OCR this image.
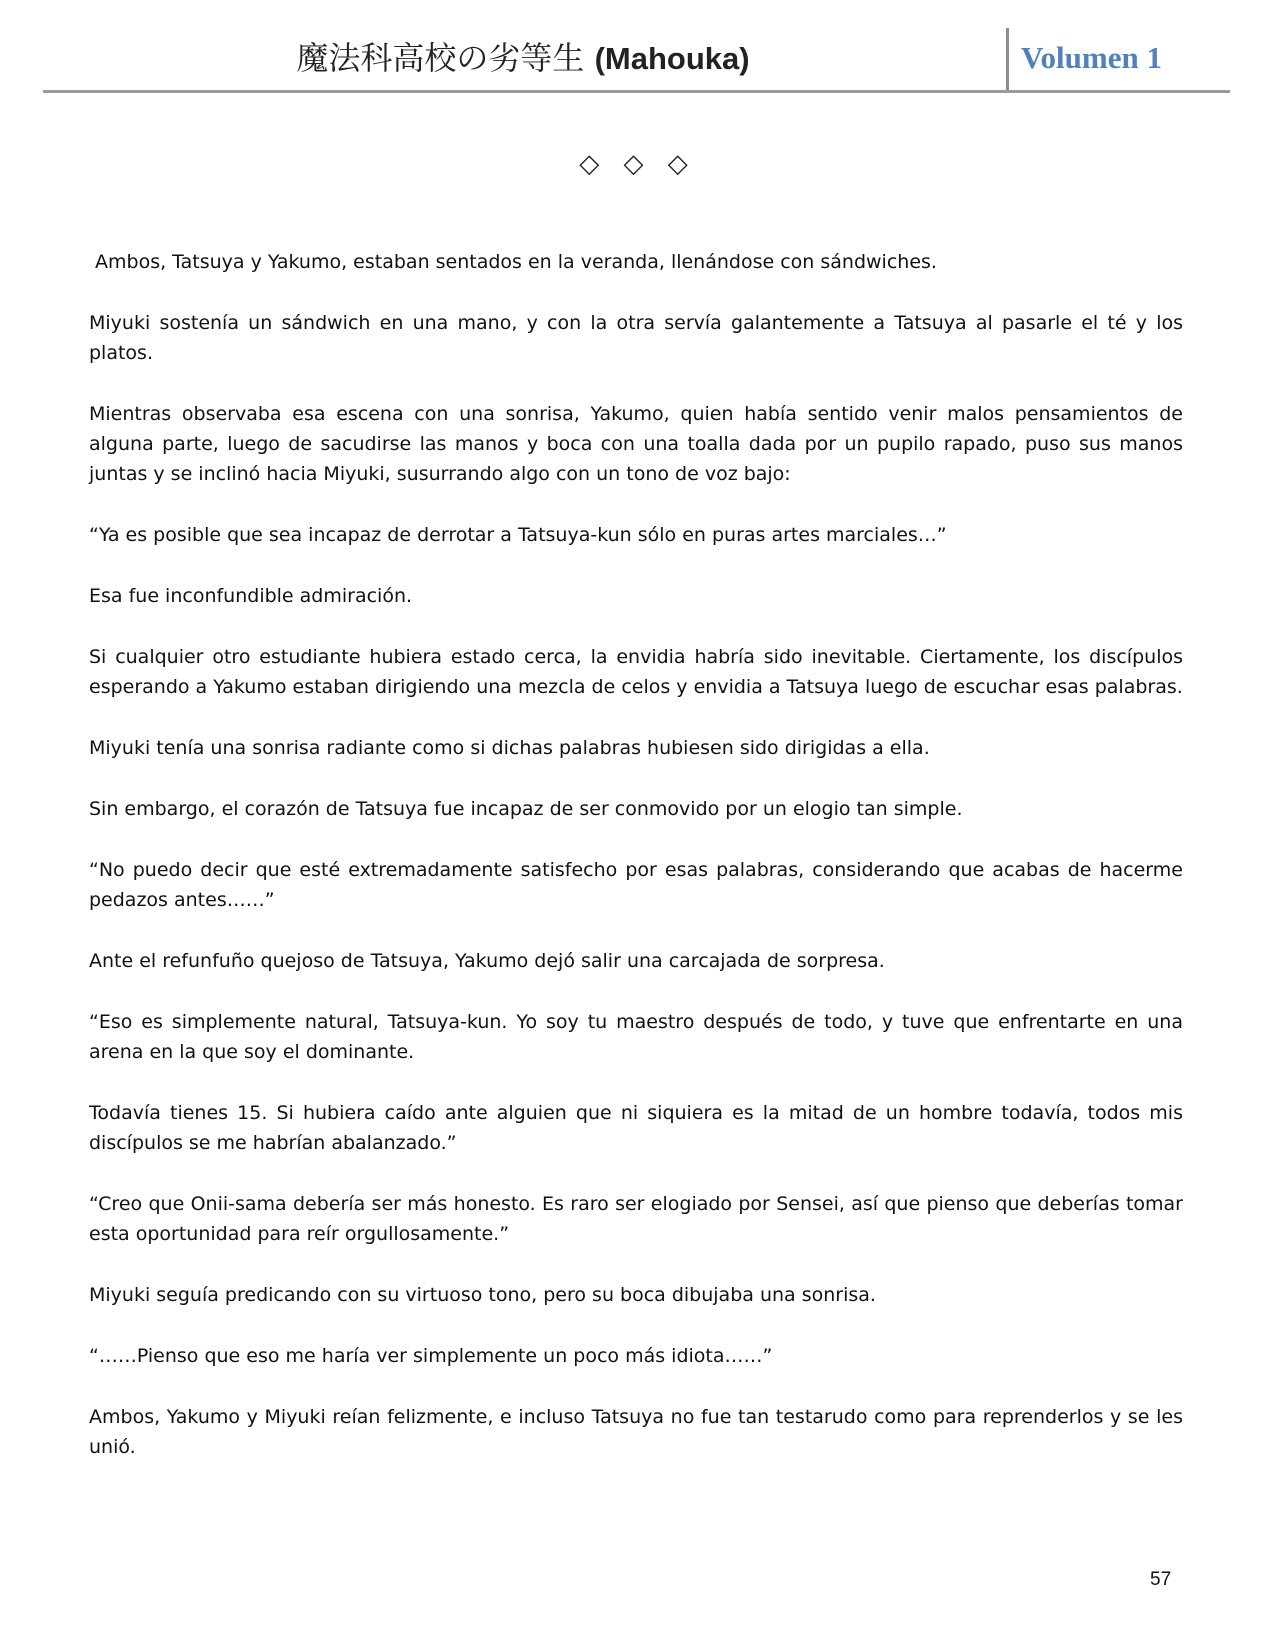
魔法科高校の劣等生 (Mahouka)	Volumen 1
◇ ◇ ◇

Ambos, Tatsuya y Yakumo, estaban sentados en la veranda, llenándose con sándwiches.

Miyuki sostenía un sándwich en una mano, y con la otra servía galantemente a Tatsuya al pasarle el té y los platos.

Mientras observaba esa escena con una sonrisa, Yakumo, quien había sentido venir malos pensamientos de alguna parte, luego de sacudirse las manos y boca con una toalla dada por un pupilo rapado, puso sus manos juntas y se inclinó hacia Miyuki, susurrando algo con un tono de voz bajo:

“Ya es posible que sea incapaz de derrotar a Tatsuya-kun sólo en puras artes marciales…”

Esa fue inconfundible admiración.

Si cualquier otro estudiante hubiera estado cerca, la envidia habría sido inevitable. Ciertamente, los discípulos esperando a Yakumo estaban dirigiendo una mezcla de celos y envidia a Tatsuya luego de escuchar esas palabras.

Miyuki tenía una sonrisa radiante como si dichas palabras hubiesen sido dirigidas a ella.

Sin embargo, el corazón de Tatsuya fue incapaz de ser conmovido por un elogio tan simple.

“No puedo decir que esté extremadamente satisfecho por esas palabras, considerando que acabas de hacerme pedazos antes……”

Ante el refunfuño quejoso de Tatsuya, Yakumo dejó salir una carcajada de sorpresa.

“Eso es simplemente natural, Tatsuya-kun. Yo soy tu maestro después de todo, y tuve que enfrentarte en una arena en la que soy el dominante.

Todavía tienes 15. Si hubiera caído ante alguien que ni siquiera es la mitad de un hombre todavía, todos mis discípulos se me habrían abalanzado.”

“Creo que Onii-sama debería ser más honesto. Es raro ser elogiado por Sensei, así que pienso que deberías tomar esta oportunidad para reír orgullosamente.”

Miyuki seguía predicando con su virtuoso tono, pero su boca dibujaba una sonrisa.

“……Pienso que eso me haría ver simplemente un poco más idiota……”

Ambos, Yakumo y Miyuki reían felizmente, e incluso Tatsuya no fue tan testarudo como para reprenderlos y se les unió.

57
